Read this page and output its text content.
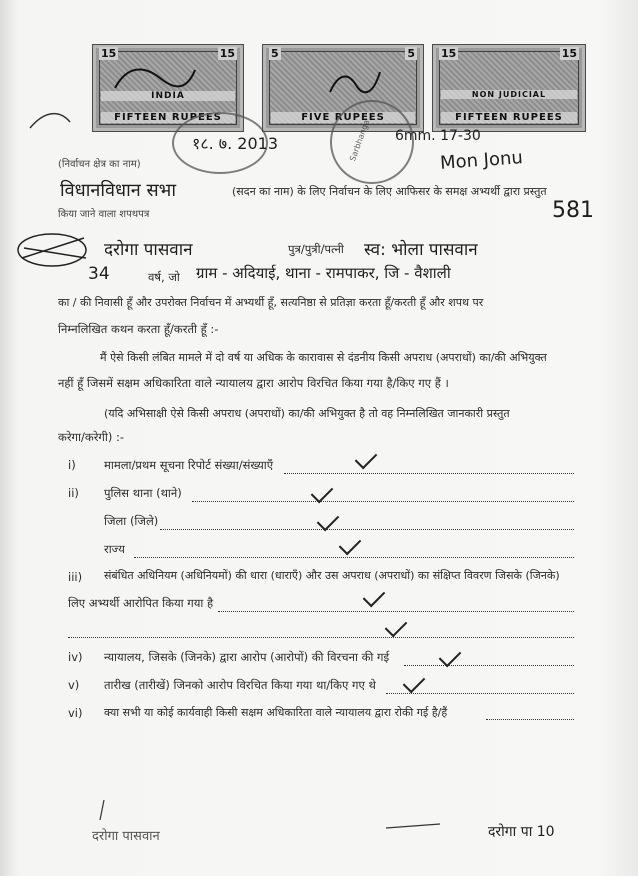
15	15
INDIA
FIFTEEN RUPEES
5	5
FIVE RUPEES
15	15
NON JUDICIAL
FIFTEEN RUPEES
Sarbhanga
१८. ७. 2013	6mm. 17-30
Mon Jonu
581
(निर्वाचन क्षेत्र का नाम)
विधानविधान सभा	(सदन का नाम) के लिए निर्वाचन के लिए आफिसर के समक्ष अभ्यर्थी द्वारा प्रस्तुत
किया जाने वाला शपथपत्र
दरोगा पासवान	पुत्र/पुत्री/पत्नी स्व: भोला पासवान
34	वर्ष, जो ग्राम - अदियाई, थाना - रामपाकर, जि - वैशाली
का / की निवासी हूँ और उपरोक्त निर्वाचन में अभ्यर्थी हूँ, सत्यनिष्ठा से प्रतिज्ञा करता हूँ/करती हूँ और शपथ पर
निम्नलिखित कथन करता हूँ/करती हूँ :-
मैं ऐसे किसी लंबित मामले में दो वर्ष या अधिक के कारावास से दंडनीय किसी अपराध (अपराधों) का/की अभियुक्त
नहीं हूँ जिसमें सक्षम अधिकारिता वाले न्यायालय द्वारा आरोप विरचित किया गया है/किए गए हैं ।
(यदि अभिसाक्षी ऐसे किसी अपराध (अपराधों) का/की अभियुक्त है तो वह निम्नलिखित जानकारी प्रस्तुत
करेगा/करेगी) :-
i) मामला/प्रथम सूचना रिपोर्ट संख्या/संख्याएँ
ii) पुलिस थाना (थाने)
जिला (जिले)
राज्य
iii) संबंधित अधिनियम (अधिनियमों) की धारा (धाराएँ) और उस अपराध (अपराधों) का संक्षिप्त विवरण जिसके (जिनके)
लिए अभ्यर्थी आरोपित किया गया है
iv) न्यायालय, जिसके (जिनके) द्वारा आरोप (आरोपों) की विरचना की गई
v) तारीख (तारीखें) जिनको आरोप विरचित किया गया था/किए गए थे
vi) क्या सभी या कोई कार्यवाही किसी सक्षम अधिकारिता वाले न्यायालय द्वारा रोकी गई है/हैं
दरोगा पासवान	दरोगा पा 10
